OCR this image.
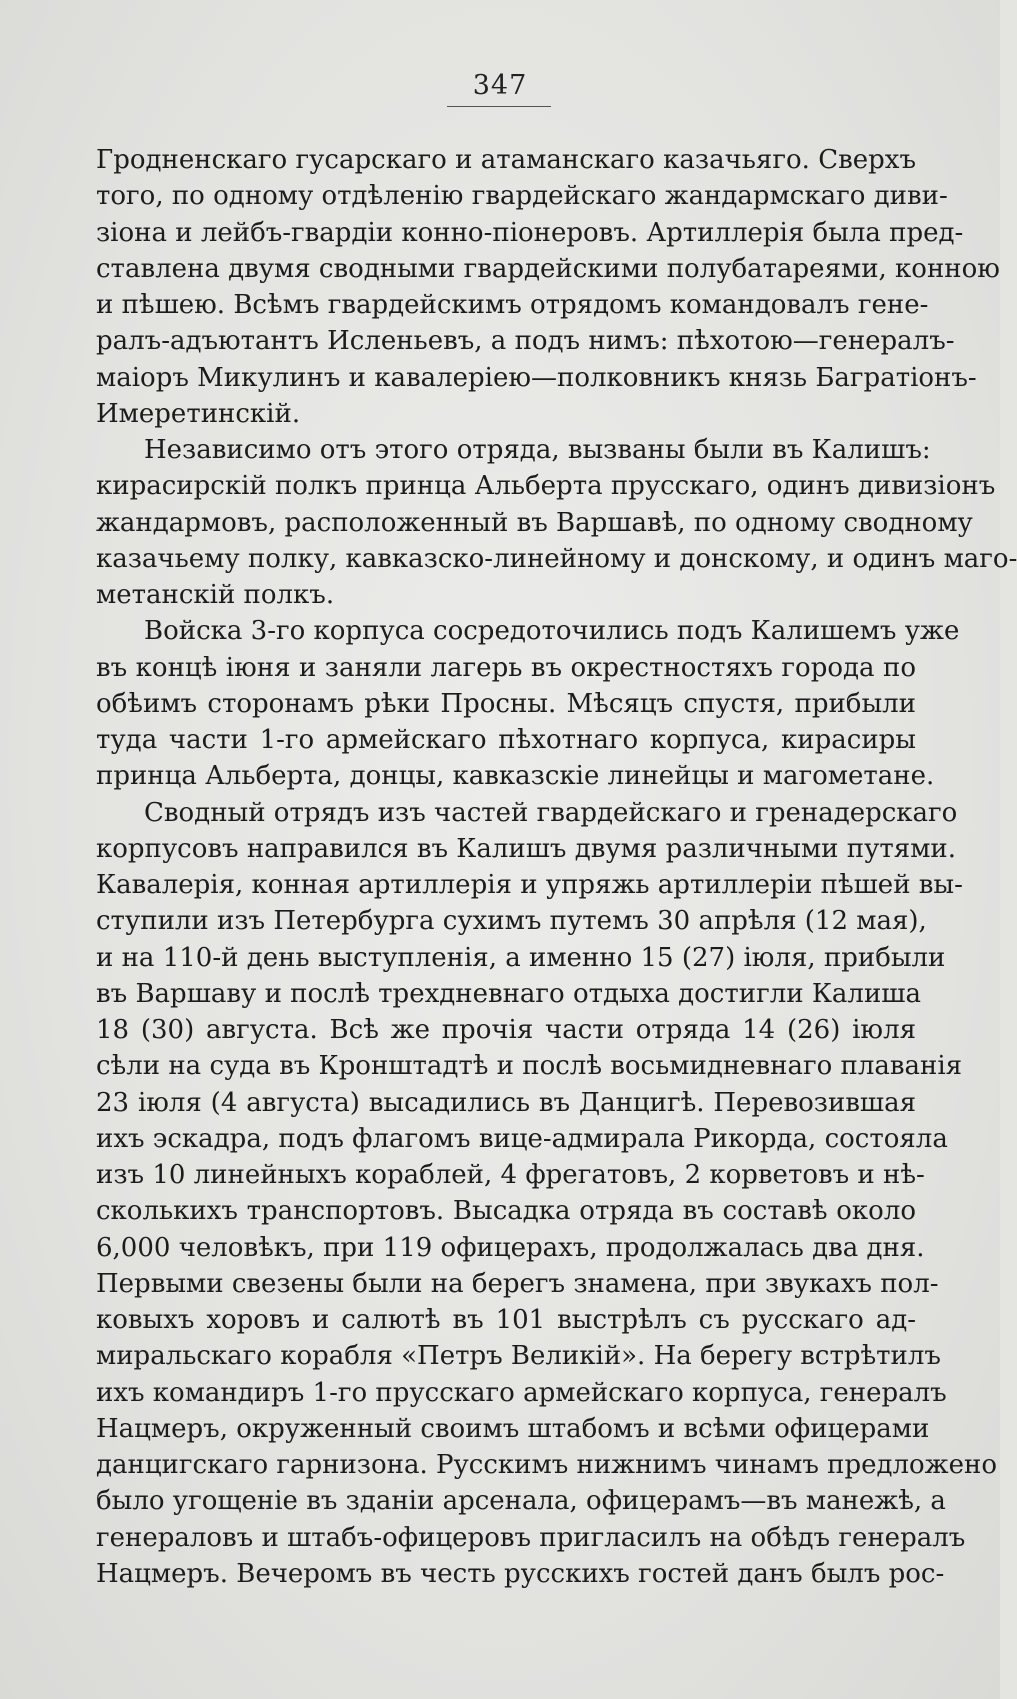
347
Гродненскаго гусарскаго и атаманскаго казачьяго. Сверхъ
того, по одному отдѣленію гвардейскаго жандармскаго диви-
зіона и лейбъ-гвардіи конно-піонеровъ. Артиллерія была пред-
ставлена двумя сводными гвардейскими полубатареями, конною
и пѣшею. Всѣмъ гвардейскимъ отрядомъ командовалъ гене-
ралъ-адъютантъ Исленьевъ, а подъ нимъ: пѣхотою—генералъ-
маіоръ Микулинъ и кавалеріею—полковникъ князь Багратіонъ-
Имеретинскій.
Независимо отъ этого отряда, вызваны были въ Калишъ:
кирасирскій полкъ принца Альберта прусскаго, одинъ дивизіонъ
жандармовъ, расположенный въ Варшавѣ, по одному сводному
казачьему полку, кавказско-линейному и донскому, и одинъ маго-
метанскій полкъ.
Войска 3-го корпуса сосредоточились подъ Калишемъ уже
въ концѣ іюня и заняли лагерь въ окрестностяхъ города по
обѣимъ сторонамъ рѣки Просны. Мѣсяцъ спустя, прибыли
туда части 1-го армейскаго пѣхотнаго корпуса, кирасиры
принца Альберта, донцы, кавказскіе линейцы и магометане.
Сводный отрядъ изъ частей гвардейскаго и гренадерскаго
корпусовъ направился въ Калишъ двумя различными путями.
Кавалерія, конная артиллерія и упряжь артиллеріи пѣшей вы-
ступили изъ Петербурга сухимъ путемъ 30 апрѣля (12 мая),
и на 110-й день выступленія, а именно 15 (27) іюля, прибыли
въ Варшаву и послѣ трехдневнаго отдыха достигли Калиша
18 (30) августа. Всѣ же прочія части отряда 14 (26) іюля
сѣли на суда въ Кронштадтѣ и послѣ восьмидневнаго плаванія
23 іюля (4 августа) высадились въ Данцигѣ. Перевозившая
ихъ эскадра, подъ флагомъ вице-адмирала Рикорда, состояла
изъ 10 линейныхъ кораблей, 4 фрегатовъ, 2 корветовъ и нѣ-
сколькихъ транспортовъ. Высадка отряда въ составѣ около
6,000 человѣкъ, при 119 офицерахъ, продолжалась два дня.
Первыми свезены были на берегъ знамена, при звукахъ пол-
ковыхъ хоровъ и салютѣ въ 101 выстрѣлъ съ русскаго ад-
миральскаго корабля «Петръ Великій». На берегу встрѣтилъ
ихъ командиръ 1-го прусскаго армейскаго корпуса, генералъ
Нацмеръ, окруженный своимъ штабомъ и всѣми офицерами
данцигскаго гарнизона. Русскимъ нижнимъ чинамъ предложено
было угощеніе въ зданіи арсенала, офицерамъ—въ манежѣ, а
генераловъ и штабъ-офицеровъ пригласилъ на обѣдъ генералъ
Нацмеръ. Вечеромъ въ честь русскихъ гостей данъ былъ рос-
